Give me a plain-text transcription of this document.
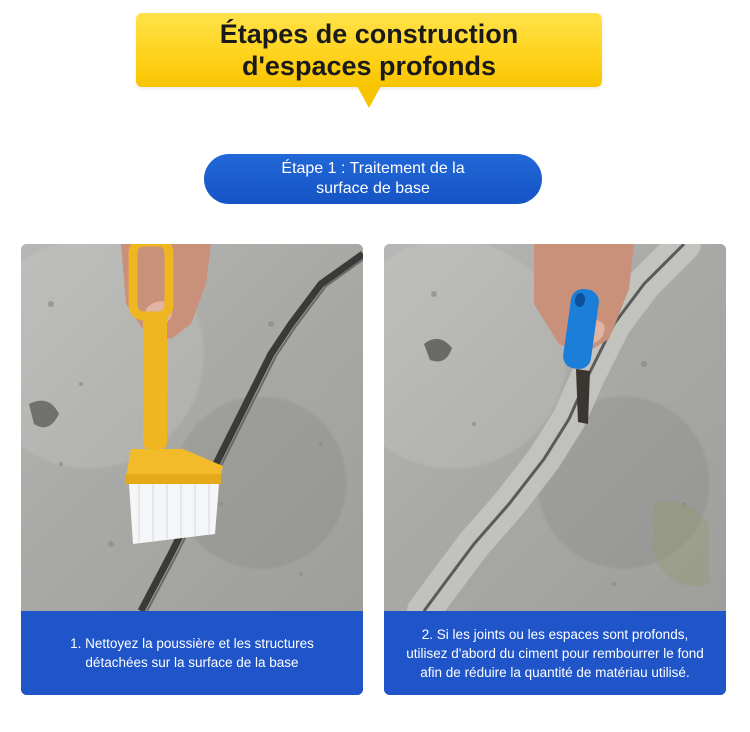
Étapes de construction
d'espaces profonds
Étape 1 : Traitement de la
surface de base
1. Nettoyez la poussière et les structures
détachées sur la surface de la base
2. Si les joints ou les espaces sont profonds,
utilisez d'abord du ciment pour rembourrer le fond
afin de réduire la quantité de matériau utilisé.
